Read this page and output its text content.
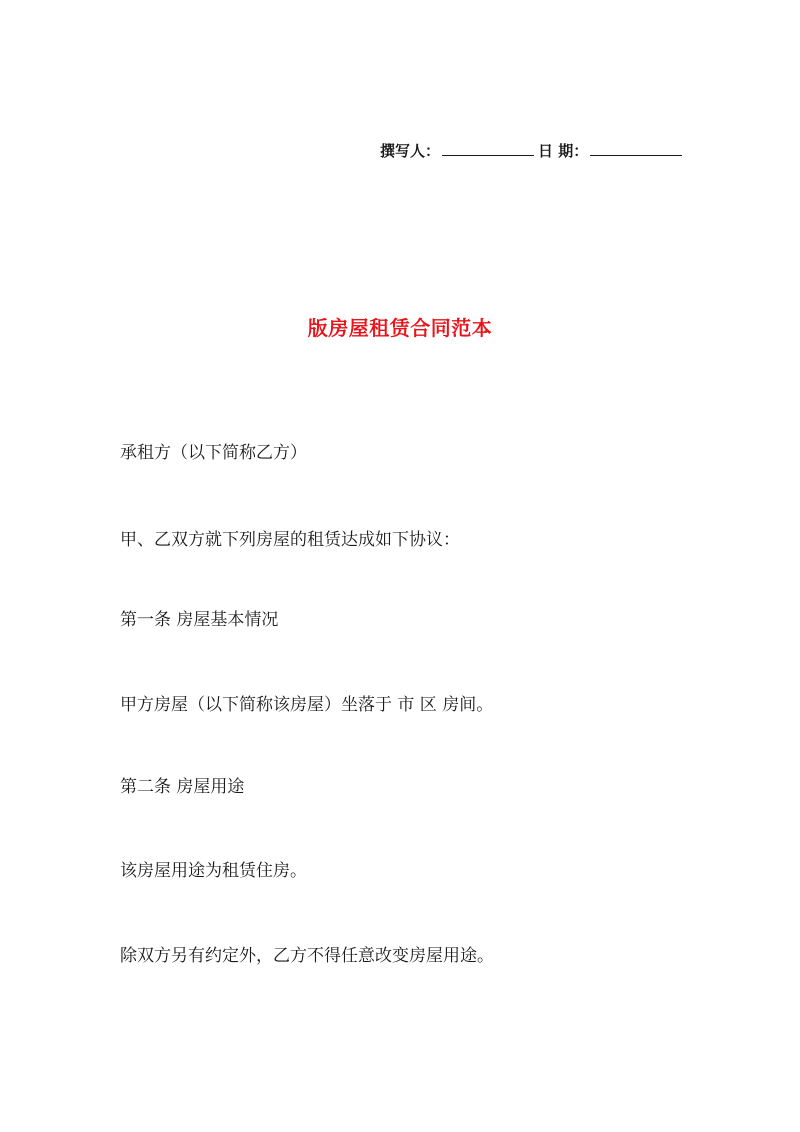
撰写人：	日 期：
版房屋租赁合同范本
承租方（以下简称乙方）
甲、乙双方就下列房屋的租赁达成如下协议：
第一条 房屋基本情况
甲方房屋（以下简称该房屋）坐落于 市 区 房间。
第二条 房屋用途
该房屋用途为租赁住房。
除双方另有约定外，乙方不得任意改变房屋用途。
